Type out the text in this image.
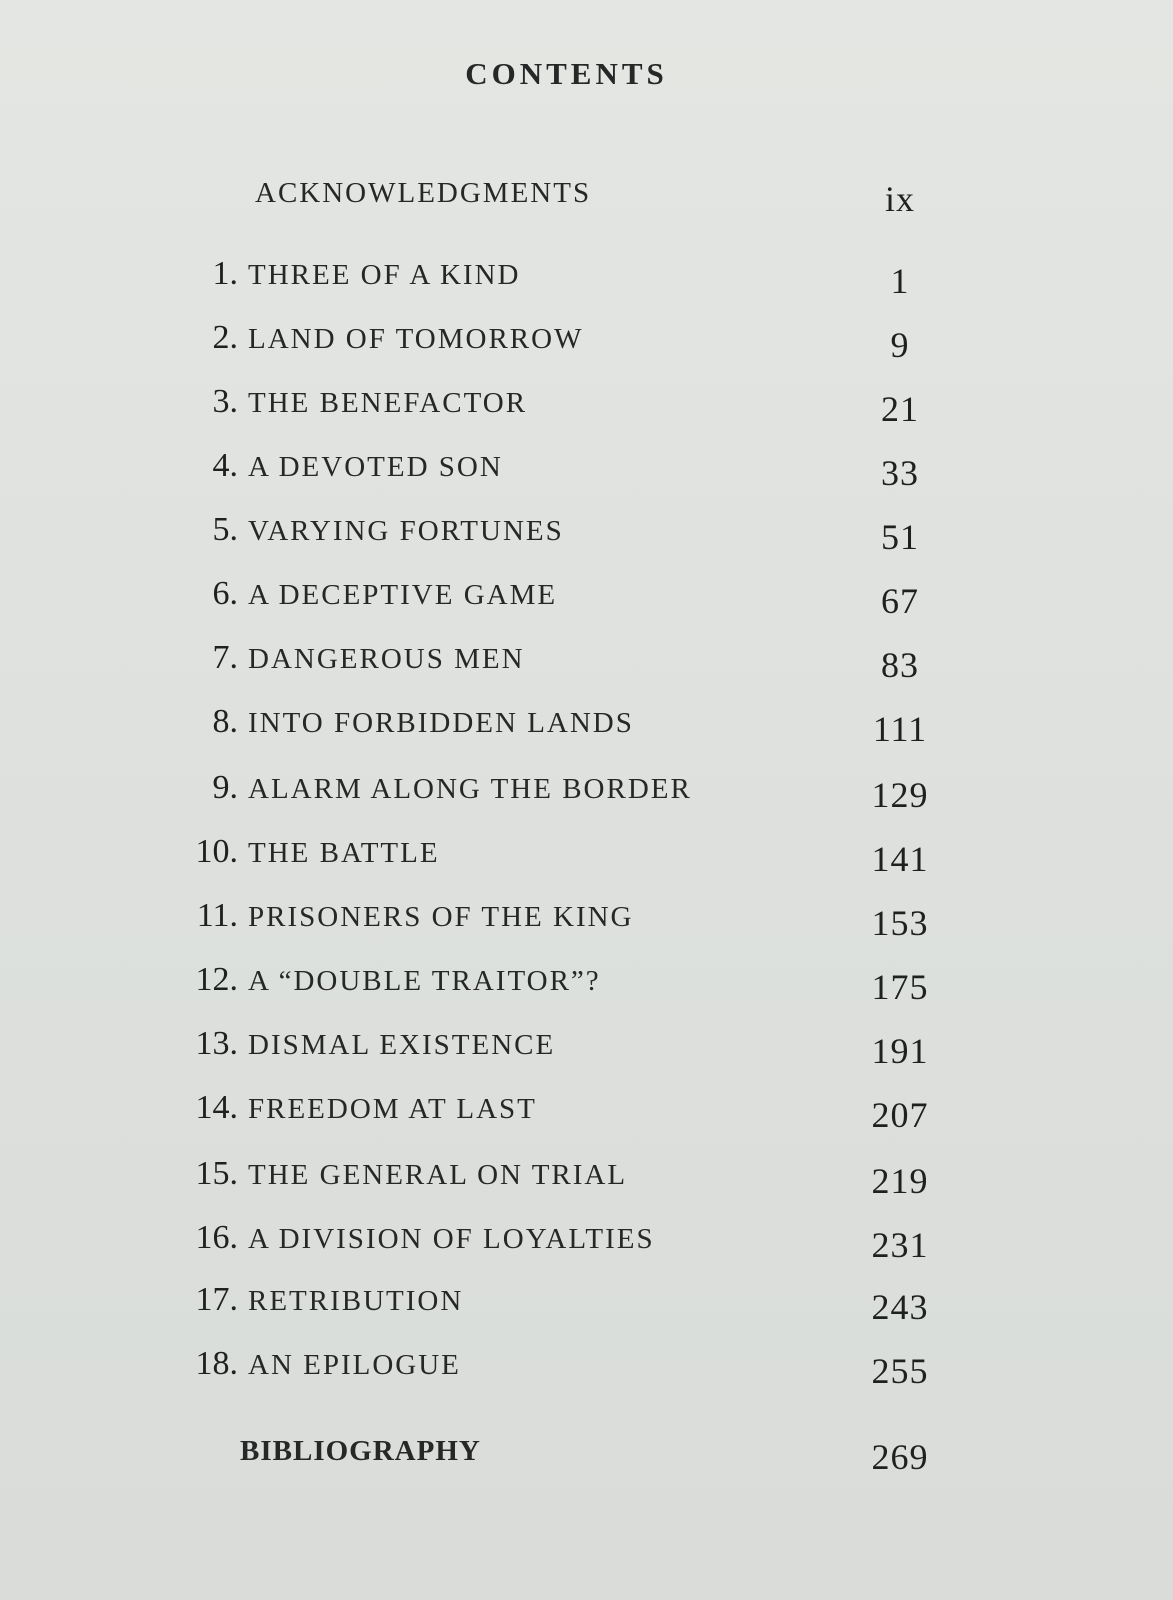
CONTENTS
ACKNOWLEDGMENTS	ix
1. THREE OF A KIND	1
2. LAND OF TOMORROW	9
3. THE BENEFACTOR	21
4. A DEVOTED SON	33
5. VARYING FORTUNES	51
6. A DECEPTIVE GAME	67
7. DANGEROUS MEN	83
8. INTO FORBIDDEN LANDS	111
9. ALARM ALONG THE BORDER	129
10. THE BATTLE	141
11. PRISONERS OF THE KING	153
12. A “DOUBLE TRAITOR”?	175
13. DISMAL EXISTENCE	191
14. FREEDOM AT LAST	207
15. THE GENERAL ON TRIAL	219
16. A DIVISION OF LOYALTIES	231
17. RETRIBUTION	243
18. AN EPILOGUE	255
BIBLIOGRAPHY	269
